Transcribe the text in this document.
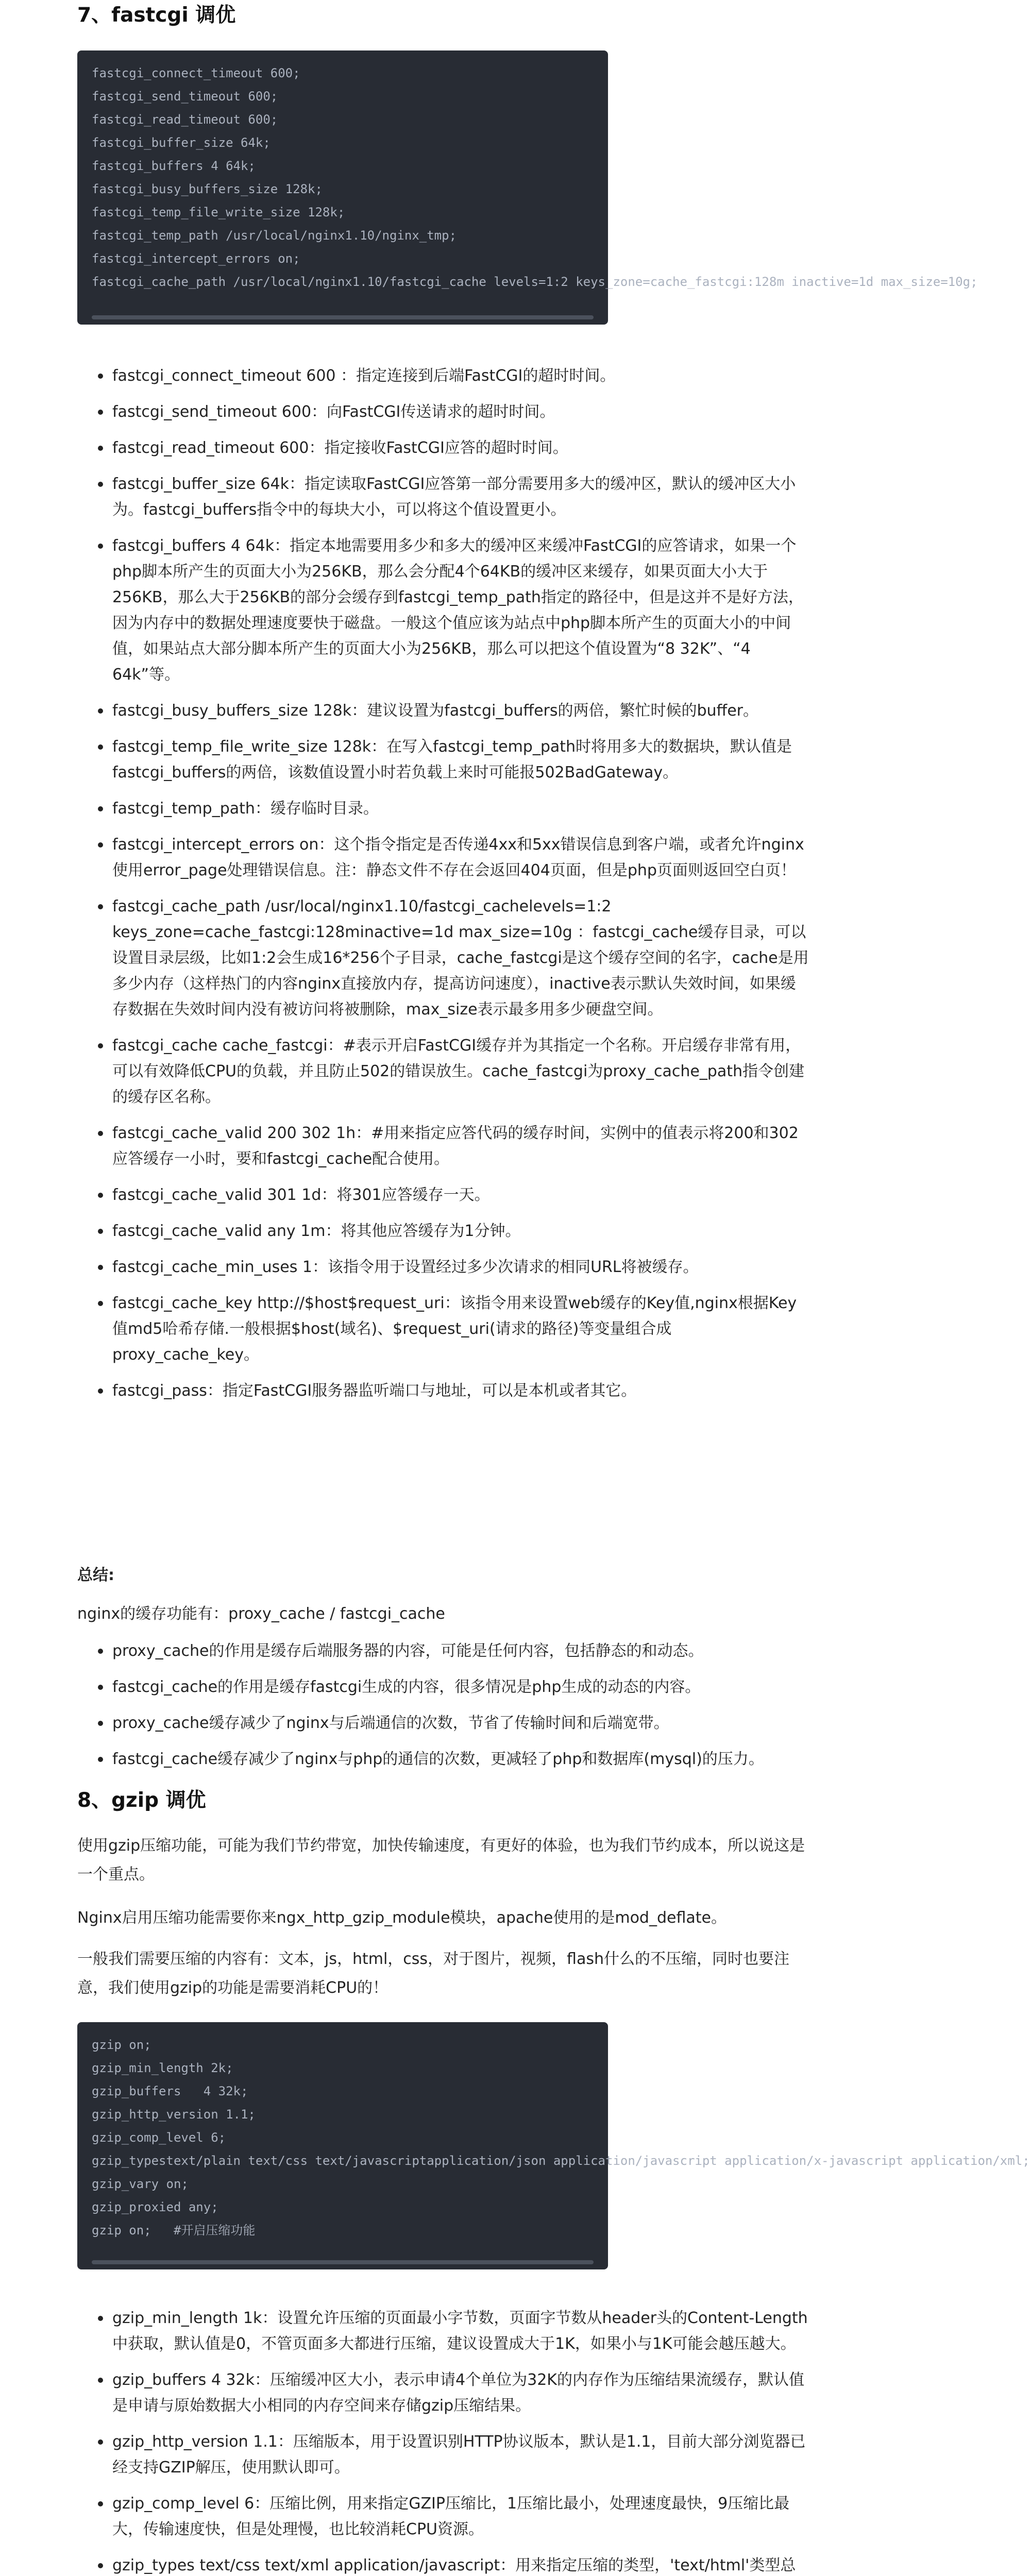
7、fastcgi 调优
fastcgi_connect_timeout 600;
fastcgi_send_timeout 600;
fastcgi_read_timeout 600;
fastcgi_buffer_size 64k;
fastcgi_buffers 4 64k;
fastcgi_busy_buffers_size 128k;
fastcgi_temp_file_write_size 128k;
fastcgi_temp_path /usr/local/nginx1.10/nginx_tmp;
fastcgi_intercept_errors on;
fastcgi_cache_path /usr/local/nginx1.10/fastcgi_cache levels=1:2 keys_zone=cache_fastcgi:128m inactive=1d max_size=10g;
fastcgi_connect_timeout 600 ：指定连接到后端FastCGI的超时时间。
fastcgi_send_timeout 600：向FastCGI传送请求的超时时间。
fastcgi_read_timeout 600：指定接收FastCGI应答的超时时间。
fastcgi_buffer_size 64k：指定读取FastCGI应答第一部分需要用多大的缓冲区，默认的缓冲区大小为。fastcgi_buffers指令中的每块大小，可以将这个值设置更小。
fastcgi_buffers 4 64k：指定本地需要用多少和多大的缓冲区来缓冲FastCGI的应答请求，如果一个php脚本所产生的页面大小为256KB，那么会分配4个64KB的缓冲区来缓存，如果页面大小大于256KB，那么大于256KB的部分会缓存到fastcgi_temp_path指定的路径中，但是这并不是好方法，因为内存中的数据处理速度要快于磁盘。一般这个值应该为站点中php脚本所产生的页面大小的中间值，如果站点大部分脚本所产生的页面大小为256KB，那么可以把这个值设置为“8 32K”、“4 64k”等。
fastcgi_busy_buffers_size 128k：建议设置为fastcgi_buffers的两倍，繁忙时候的buffer。
fastcgi_temp_file_write_size 128k：在写入fastcgi_temp_path时将用多大的数据块，默认值是fastcgi_buffers的两倍，该数值设置小时若负载上来时可能报502BadGateway。
fastcgi_temp_path：缓存临时目录。
fastcgi_intercept_errors on：这个指令指定是否传递4xx和5xx错误信息到客户端，或者允许nginx使用error_page处理错误信息。注：静态文件不存在会返回404页面，但是php页面则返回空白页！
fastcgi_cache_path /usr/local/nginx1.10/fastcgi_cachelevels=1:2 keys_zone=cache_fastcgi:128minactive=1d max_size=10g ：fastcgi_cache缓存目录，可以设置目录层级，比如1:2会生成16*256个子目录，cache_fastcgi是这个缓存空间的名字，cache是用多少内存（这样热门的内容nginx直接放内存，提高访问速度），inactive表示默认失效时间，如果缓存数据在失效时间内没有被访问将被删除，max_size表示最多用多少硬盘空间。
fastcgi_cache cache_fastcgi：#表示开启FastCGI缓存并为其指定一个名称。开启缓存非常有用，可以有效降低CPU的负载，并且防止502的错误放生。cache_fastcgi为proxy_cache_path指令创建的缓存区名称。
fastcgi_cache_valid 200 302 1h：#用来指定应答代码的缓存时间，实例中的值表示将200和302应答缓存一小时，要和fastcgi_cache配合使用。
fastcgi_cache_valid 301 1d：将301应答缓存一天。
fastcgi_cache_valid any 1m：将其他应答缓存为1分钟。
fastcgi_cache_min_uses 1：该指令用于设置经过多少次请求的相同URL将被缓存。
fastcgi_cache_key http://$host$request_uri：该指令用来设置web缓存的Key值,nginx根据Key值md5哈希存储.一般根据$host(域名)、$request_uri(请求的路径)等变量组合成proxy_cache_key。
fastcgi_pass：指定FastCGI服务器监听端口与地址，可以是本机或者其它。

总结:

nginx的缓存功能有：proxy_cache / fastcgi_cache

proxy_cache的作用是缓存后端服务器的内容，可能是任何内容，包括静态的和动态。
fastcgi_cache的作用是缓存fastcgi生成的内容，很多情况是php生成的动态的内容。
proxy_cache缓存减少了nginx与后端通信的次数，节省了传输时间和后端宽带。
fastcgi_cache缓存减少了nginx与php的通信的次数，更减轻了php和数据库(mysql)的压力。
8、gzip 调优

使用gzip压缩功能，可能为我们节约带宽，加快传输速度，有更好的体验，也为我们节约成本，所以说这是一个重点。

Nginx启用压缩功能需要你来ngx_http_gzip_module模块，apache使用的是mod_deflate。

一般我们需要压缩的内容有：文本，js，html，css，对于图片，视频，flash什么的不压缩，同时也要注意，我们使用gzip的功能是需要消耗CPU的！

gzip on;
gzip_min_length 2k;
gzip_buffers   4 32k;
gzip_http_version 1.1;
gzip_comp_level 6;
gzip_typestext/plain text/css text/javascriptapplication/json application/javascript application/x-javascript application/xml;
gzip_vary on;
gzip_proxied any;
gzip on;   #开启压缩功能
gzip_min_length 1k：设置允许压缩的页面最小字节数，页面字节数从header头的Content-Length中获取，默认值是0，不管页面多大都进行压缩，建议设置成大于1K，如果小与1K可能会越压越大。
gzip_buffers 4 32k：压缩缓冲区大小，表示申请4个单位为32K的内存作为压缩结果流缓存，默认值是申请与原始数据大小相同的内存空间来存储gzip压缩结果。
gzip_http_version 1.1：压缩版本，用于设置识别HTTP协议版本，默认是1.1，目前大部分浏览器已经支持GZIP解压，使用默认即可。
gzip_comp_level 6：压缩比例，用来指定GZIP压缩比，1压缩比最小，处理速度最快，9压缩比最大，传输速度快，但是处理慢，也比较消耗CPU资源。
gzip_types text/css text/xml application/javascript：用来指定压缩的类型，'text/html'类型总
